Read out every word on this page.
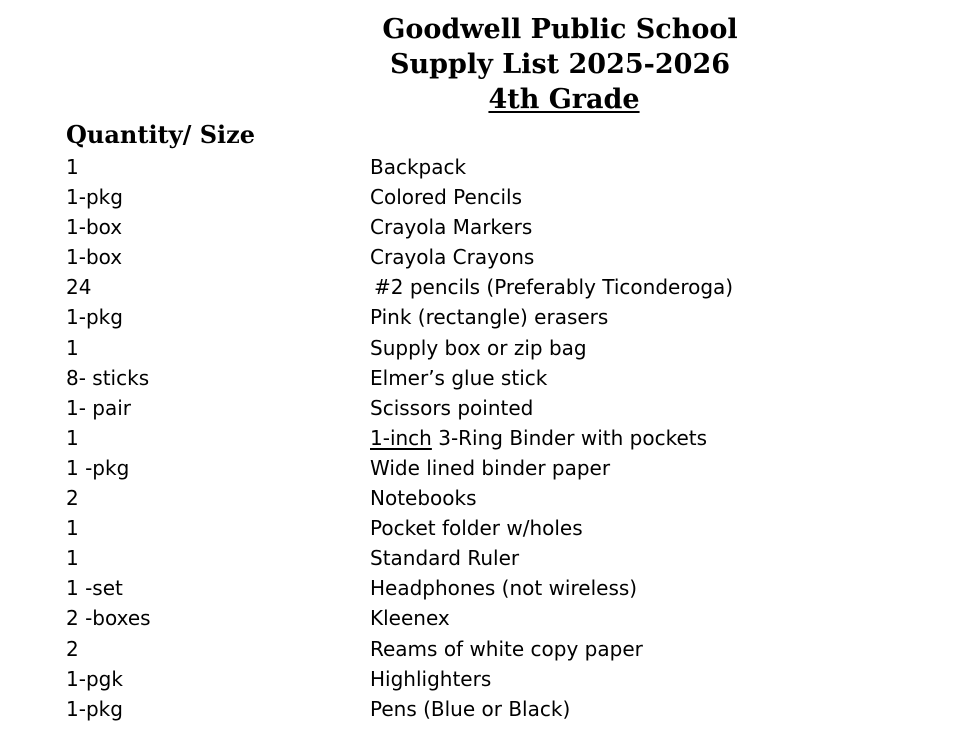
Goodwell Public School
Supply List 2025-2026
4th Grade
Quantity/ Size
1	Backpack
1-pkg	Colored Pencils
1-box	Crayola Markers
1-box	Crayola Crayons
24	#2 pencils (Preferably Ticonderoga)
1-pkg	Pink (rectangle) erasers
1	Supply box or zip bag
8- sticks	Elmer’s glue stick
1- pair	Scissors pointed
1	1-inch 3-Ring Binder with pockets
1 -pkg	Wide lined binder paper
2	Notebooks
1	Pocket folder w/holes
1	Standard Ruler
1 -set	Headphones (not wireless)
2 -boxes	Kleenex
2	Reams of white copy paper
1-pgk	Highlighters
1-pkg	Pens (Blue or Black)
